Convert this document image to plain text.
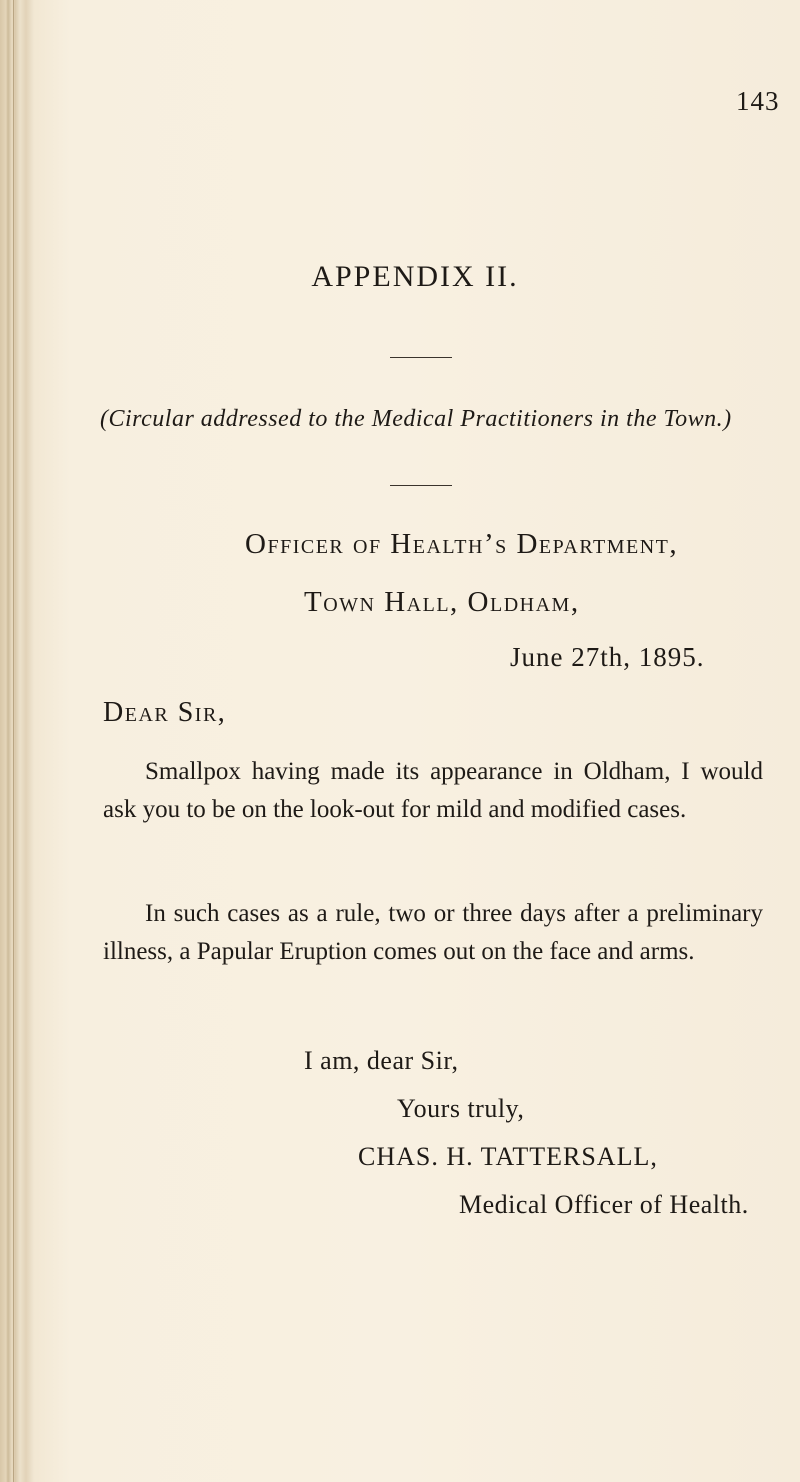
143
APPENDIX II.
(Circular addressed to the Medical Practitioners in the Town.)
Officer of Health’s Department,
Town Hall, Oldham,
June 27th, 1895.
Dear Sir,
Smallpox having made its appearance in Oldham, I would ask you to be on the look-out for mild and modified cases.
In such cases as a rule, two or three days after a preliminary illness, a Papular Eruption comes out on the face and arms.
I am, dear Sir,
Yours truly,
CHAS. H. TATTERSALL,
Medical Officer of Health.
